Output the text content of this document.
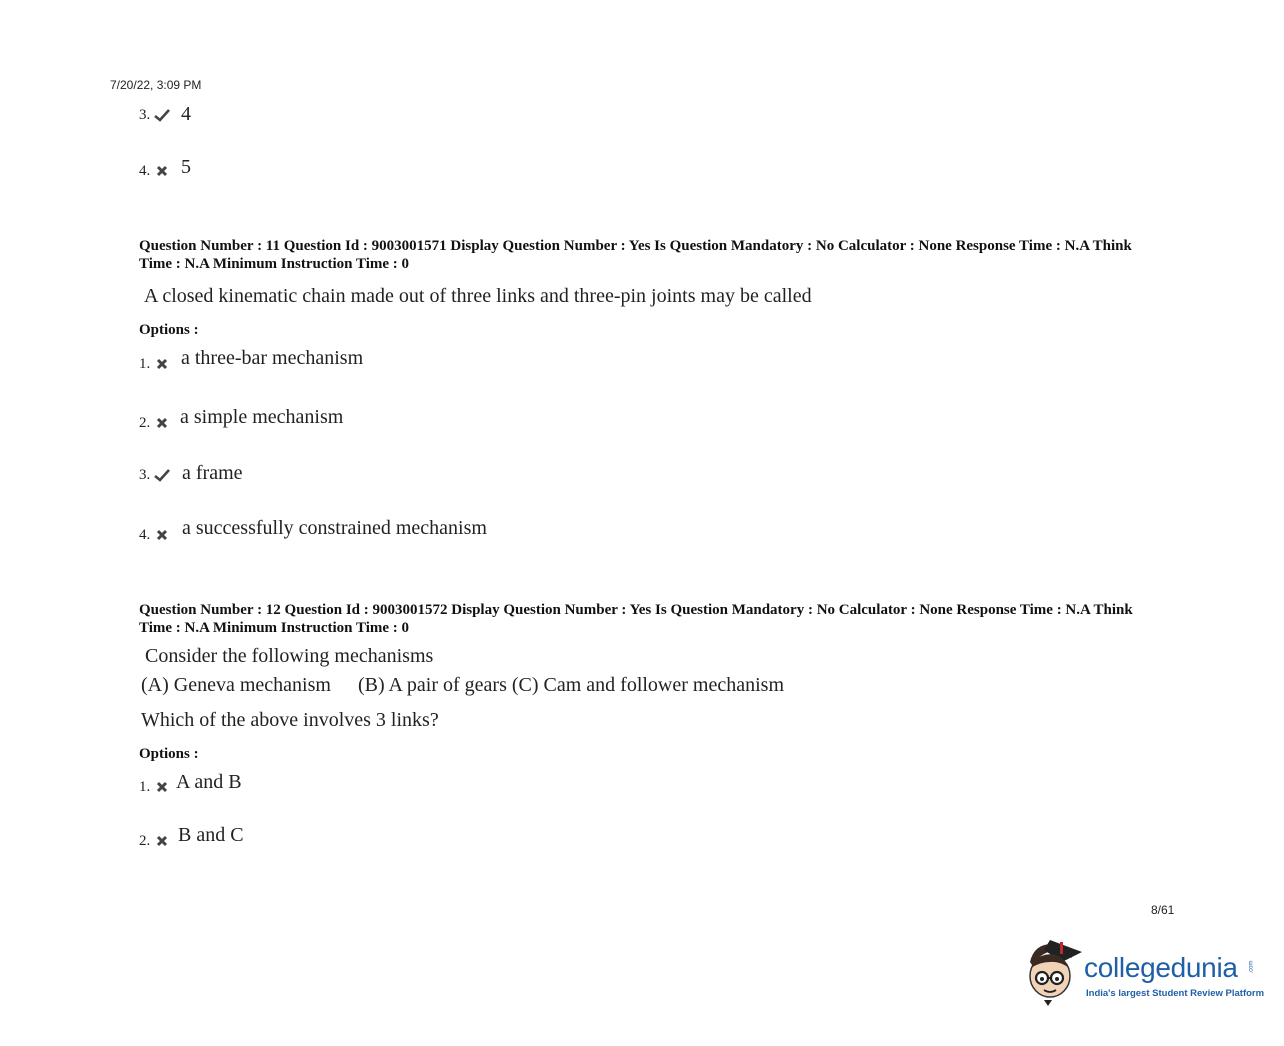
7/20/22, 3:09 PM
3.	4
4.	5
Question Number : 11 Question Id : 9003001571 Display Question Number : Yes Is Question Mandatory : No Calculator : None Response Time : N.A Think Time : N.A Minimum Instruction Time : 0
A closed kinematic chain made out of three links and three-pin joints may be called
Options :
1.	a three-bar mechanism
2.	a simple mechanism
3.	a frame
4.	a successfully constrained mechanism
Question Number : 12 Question Id : 9003001572 Display Question Number : Yes Is Question Mandatory : No Calculator : None Response Time : N.A Think Time : N.A Minimum Instruction Time : 0
Consider the following mechanisms
(A) Geneva mechanism (B) A pair of gears (C) Cam and follower mechanism
Which of the above involves 3 links?
Options :
1.	A and B
2.	B and C
8/61
collegedunia .com
India's largest Student Review Platform
